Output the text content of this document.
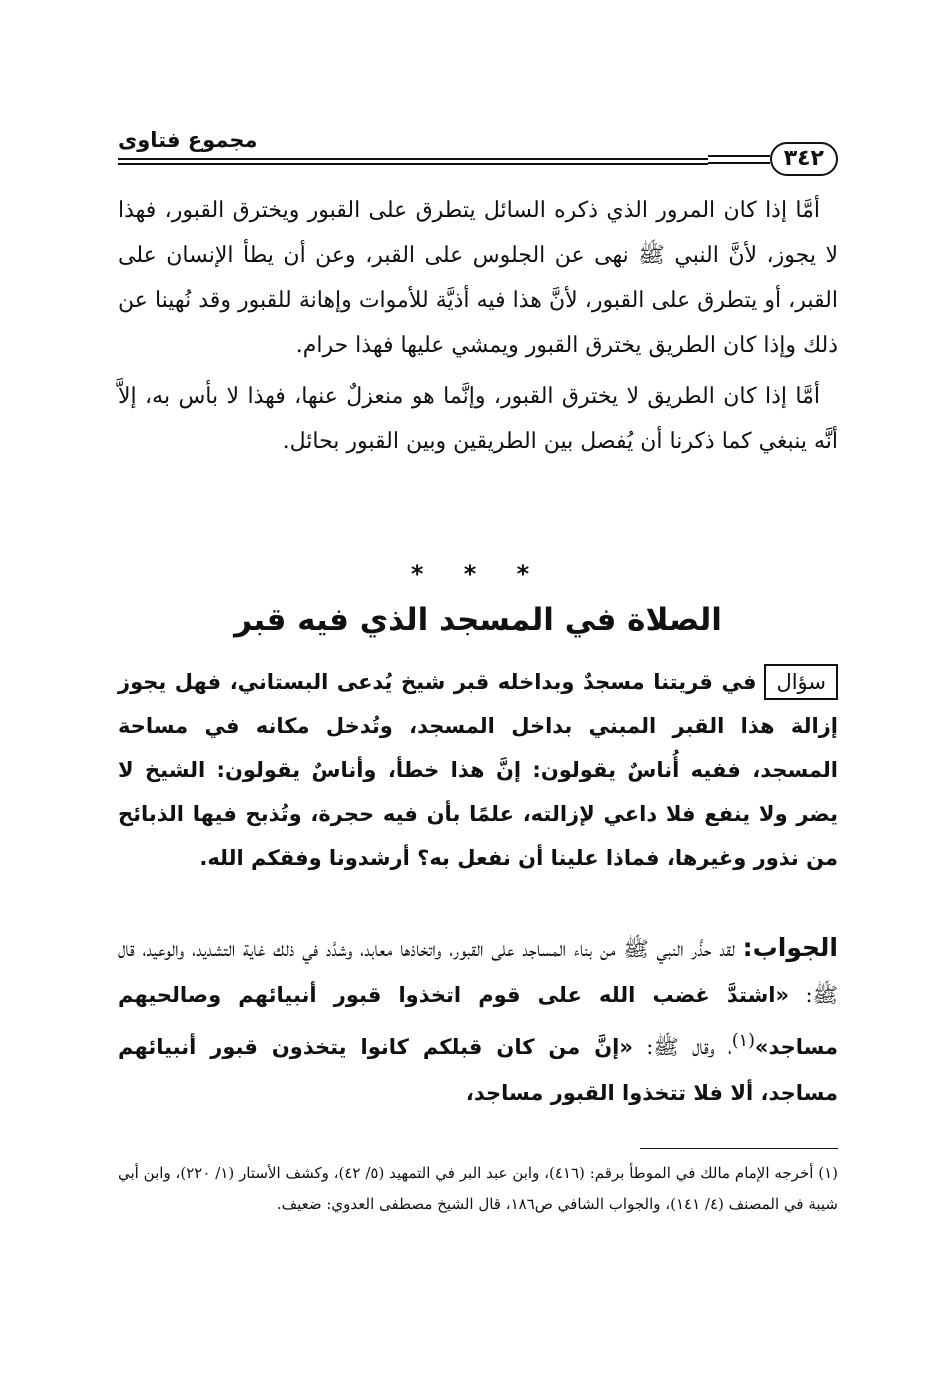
مجموع فتاوى
٣٤٢

أمَّا إذا كان المرور الذي ذكره السائل يتطرق على القبور ويخترق القبور، فهذا لا يجوز، لأنَّ النبي ﷺ نهى عن الجلوس على القبر، وعن أن يطأ الإنسان على القبر، أو يتطرق على القبور، لأنَّ هذا فيه أذيَّة للأموات وإهانة للقبور وقد نُهينا عن ذلك وإذا كان الطريق يخترق القبور ويمشي عليها فهذا حرام.

أمَّا إذا كان الطريق لا يخترق القبور، وإنَّما هو منعزلٌ عنها، فهذا لا بأس به، إلاَّ أنَّه ينبغي كما ذكرنا أن يُفصل بين الطريقين وبين القبور بحائل.

* * *
الصلاة في المسجد الذي فيه قبر

سؤالفي قريتنا مسجدٌ وبداخله قبر شيخ يُدعى البستاني، فهل يجوز إزالة هذا القبر المبني بداخل المسجد، وتُدخل مكانه في مساحة المسجد، ففيه أُناسٌ يقولون: إنَّ هذا خطأ، وأناسٌ يقولون: الشيخ لا يضر ولا ينفع فلا داعي لإزالته، علمًا بأن فيه حجرة، وتُذبح فيها الذبائح من نذور وغيرها، فماذا علينا أن نفعل به؟ أرشدونا وفقكم الله.

الجواب: لقد حذَّر النبي ﷺ من بناء المساجد على القبور، واتخاذها معابد، وشدَّد في ذلك غاية التشديد، والوعيد، قال ﷺ: «اشتدَّ غضب الله على قوم اتخذوا قبور أنبيائهم وصالحيهم مساجد»$^{(١)}$، وقال ﷺ: «إنَّ من كان قبلكم كانوا يتخذون قبور أنبيائهم مساجد، ألا فلا تتخذوا القبور مساجد،

(١) أخرجه الإمام مالك في الموطأ برقم: (٤١٦)، وابن عبد البر في التمهيد (٥/ ٤٢)، وكشف الأستار (١/ ٢٢٠)، وابن أبي شيبة في المصنف (٤/ ١٤١)، والجواب الشافي ص١٨٦، قال الشيخ مصطفى العدوي: ضعيف.
